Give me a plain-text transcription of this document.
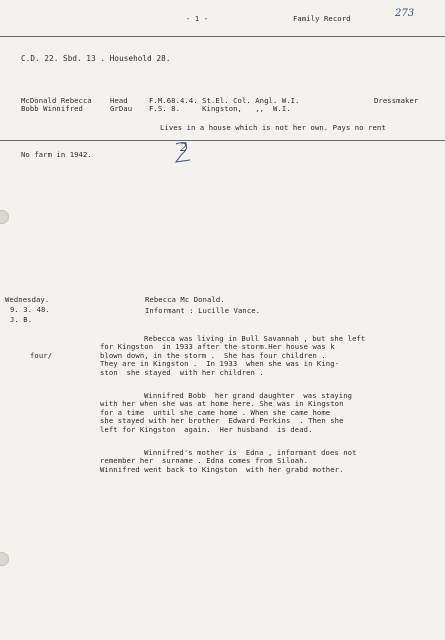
- 1 -	Family Record	273
C.D. 22. Sbd. 13 . Household 28.
McDonald Rebecca	Head	F.M.68.4.4. St.El. Col. Angl. W.I.	Dressmaker
Bobb Winnifred	GrDau F.S. 8.     Kingston,   ,,  W.I.
Lives in a house which is not her own. Pays no rent
No farm in 1942.
2
Wednesday.
9. 3. 48.
J. B.
Rebecca Mc Donald.
Informant : Lucille Vance.
four/

Rebecca was living in Bull Savannah , but she left

for Kingston  in 1933 after the storm.Her house was k

blown down, in the storm .  She has four children .

They are in Kingston .  In 1933  when she was in King-

ston  she stayed  with her children .

Winnifred Bobb  her grand daughter  was staying

with her when she was at home here. She was in Kingston

for a time  until she came home . When she came home

she stayed with her brother  Edward Perkins  . Then she

left for Kingston  again.  Her husband  is dead.

Winnifred's mother is  Edna , informant does not

remember her  surname . Edna comes from Siloah.

Winnifred went back to Kingston  with her grabd mother.
